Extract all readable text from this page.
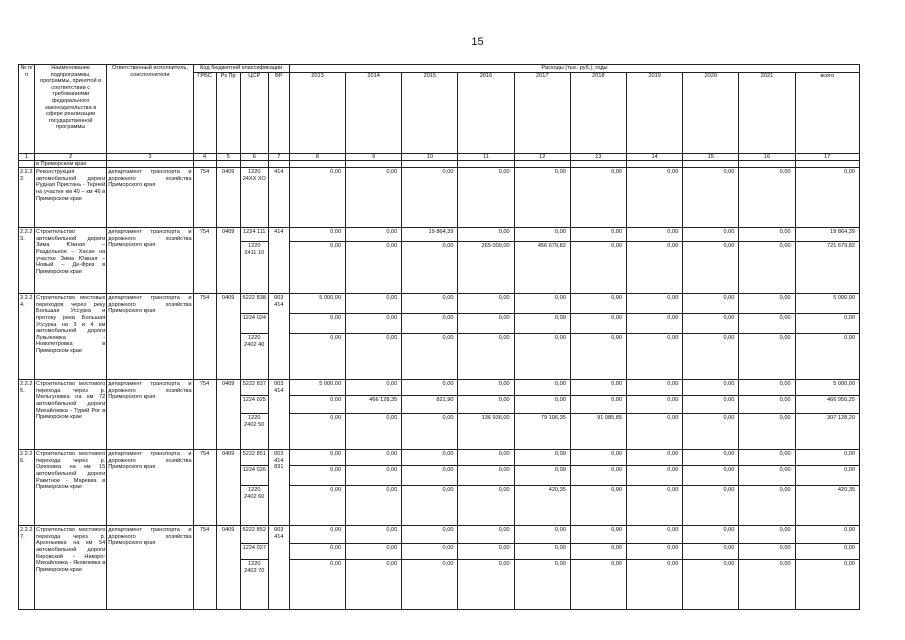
15
№ п/п	Наименование подпрограммы, программы, принятой в соответствии с требованиями федерального законодательства в сфере реализации государственной программы	Ответственный исполнитель, соисполнители	Код бюджетной классификации				Расходы (тыс. руб.), годы									
			ГРБС	Рз Пр	ЦСР	ВР	2013	2014	2015	2016	2017	2018	2019	2020	2021	всего
1	2	3	4	5	6	7	8	9	10	11	12	13	14	15	16	17
	в Приморском крае															
2.2.2 2.	Реконструкция автомобильной дороги Рудная Пристань - Терней на участке км 40 – км 46 в Приморском крае	департамент транспорта и дорожного хозяйства Приморского края	754	0409	1220 24ХХ ХО	414	0,00	0,00	0,00	0,00	0,00	0,00	0,00	0,00	0,00	0,00
2.2.2 3.	Строительство автомобильной дороги Зима Южная – Раздольное – Хасан на участке Зима Южная – Новый – Де-Фриз в Приморском крае	департамент транспорта и дорожного хозяйства Приморского края	754	0409	1224 111	414	0,00	0,00	19 864,39	0,00	0,00	0,00	0,00	0,00	0,00	19 864,39
					1220 2411 10		0,00	0,00	0,00	265 000,00	456 679,82	0,00	0,00	0,00	0,00	721 679,82
2.2.2 4.	Строительство мостовых переходов через реку Большая Уссурка и протоку реки Большая Уссурка на 3 и 4 км автомобильной дороги Лукьяновка - Новопетровка в Приморском крае	департамент транспорта и дорожного хозяйства Приморского края	754	0409	5222 838	003 414	5 000,00	0,00	0,00	0,00	0,00	0,00	0,00	0,00	0,00	5 000,00
					1224 024		0,00	0,00	0,00	0,00	0,00	0,00	0,00	0,00	0,00	0,00
					1220 2402 40		0,00	0,00	0,00	0,00	0,00	0,00	0,00	0,00	0,00	0,00
2.2.2 5.	Строительство мостового перехода через р. Мельгуновка на км 72 автомобильной дороги Михайловка - Турий Рог в Приморском крае	департамент транспорта и дорожного хозяйства Приморского края	754	0409	5222 837	003 414	5 000,00	0,00	0,00	0,00	0,00	0,00	0,00	0,00	0,00	5 000,00
					1224 025		0,00	466 128,35	821,90	0,00	0,00	0,00	0,00	0,00	0,00	466 950,25
					1220 2402 50		0,00	0,00	0,00	136 936,00	79 106,35	91 085,85	0,00	0,00	0,00	307 128,20
2.2.2 6.	Строительство мостового перехода через р. Ореховка на км 15 автомобильной дороги Ракитное - Маревка в Приморском крае	департамент транспорта и дорожного хозяйства Приморского края	754	0409	5222 851	003 414 831	0,00	0,00	0,00	0,00	0,00	0,00	0,00	0,00	0,00	0,00
					1224 026		0,00	0,00	0,00	0,00	0,00	0,00	0,00	0,00	0,00	0,00
					1220 2402 60		0,00	0,00	0,00	0,00	420,35	0,00	0,00	0,00	0,00	420,35
2.2.2 7.	Строительство мостового перехода через р. Арсеньевка на км 54 автомобильной дороги Кировский - Никоро-Михайловка - Яковлевка в Приморском крае	департамент транспорта и дорожного хозяйства Приморского края	754	0409	5222 852	003 414	0,00	0,00	0,00	0,00	0,00	0,00	0,00	0,00	0,00	0,00
					1224 027		0,00	0,00	0,00	0,00	0,00	0,00	0,00	0,00	0,00	0,00
					1220 2402 70		0,00	0,00	0,00	0,00	0,00	0,00	0,00	0,00	0,00	0,00
